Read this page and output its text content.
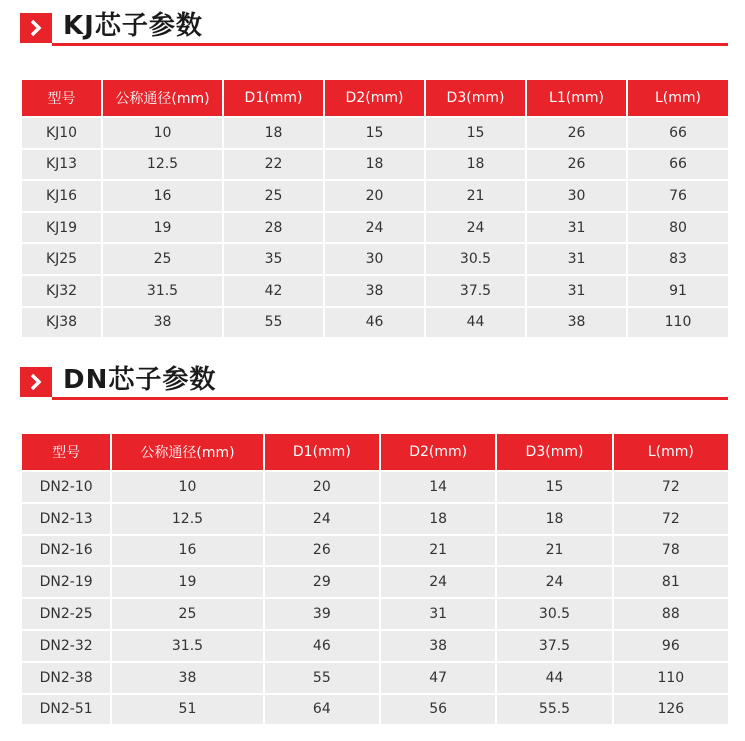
KJ芯子参数
型号	公称通径(mm)	D1(mm)	D2(mm)	D3(mm)	L1(mm)	L(mm)
KJ10	10	18	15	15	26	66
KJ13	12.5	22	18	18	26	66
KJ16	16	25	20	21	30	76
KJ19	19	28	24	24	31	80
KJ25	25	35	30	30.5	31	83
KJ32	31.5	42	38	37.5	31	91
KJ38	38	55	46	44	38	110
DN芯子参数
型号	公称通径(mm)	D1(mm)	D2(mm)	D3(mm)	L(mm)
DN2-10	10	20	14	15	72
DN2-13	12.5	24	18	18	72
DN2-16	16	26	21	21	78
DN2-19	19	29	24	24	81
DN2-25	25	39	31	30.5	88
DN2-32	31.5	46	38	37.5	96
DN2-38	38	55	47	44	110
DN2-51	51	64	56	55.5	126
